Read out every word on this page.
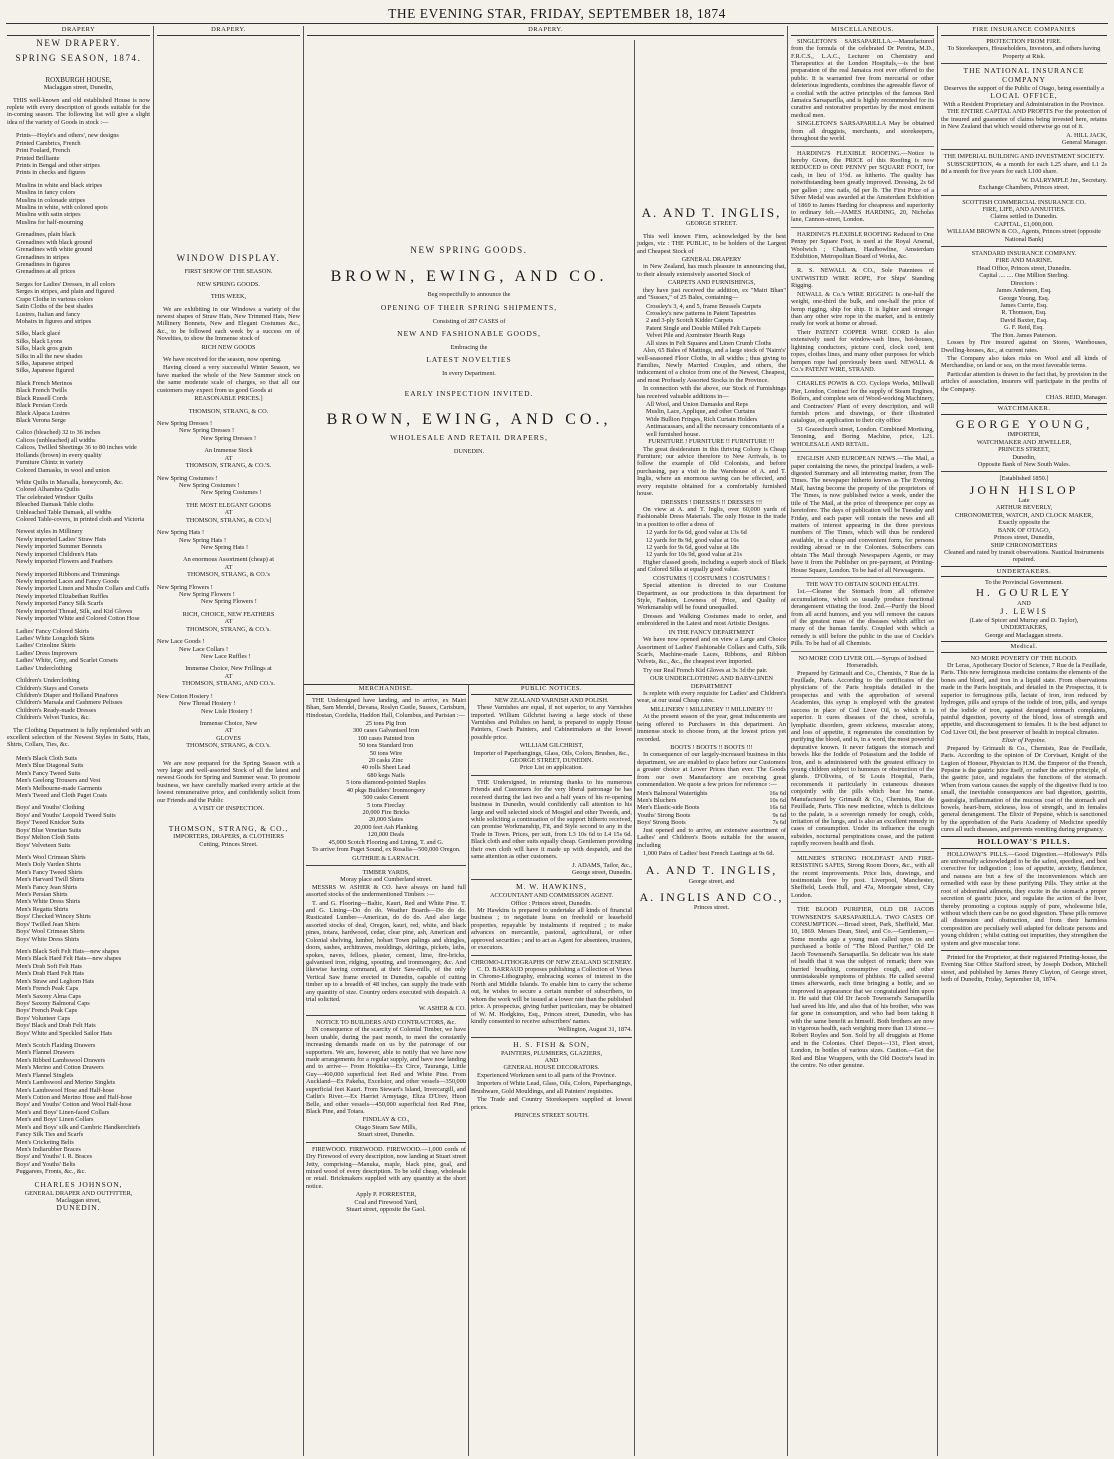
THE EVENING STAR, FRIDAY, SEPTEMBER 18, 1874
DRAPERY
NEW DRAPERY.
SPRING SEASON, 1874.
ROXBURGH HOUSE,
Maclaggan street, Dunedin,

THIS well-known and old established House is now replete with every description of goods suitable for the in-coming season. The following list will give a slight idea of the variety of Goods in stock :—

Prints—Hoyle's and others', new designs
Printed Cambrics, French
Print Foulard, French
Printed Brilliante
Prints in Bengal and other stripes
Prints in checks and figures
Muslins in white and black stripes
Muslins in fancy colors
Muslins in colonade stripes
Muslins in white, with colored spots
Muslins with satin stripes
Muslins for half-mourning
Grenadines, plain black
Grenadines with black ground
Grenadines with white ground
Grenadines in stripes
Grenadines in figures
Grenadines at all prices
Serges for Ladies' Dresses, in all colors
Serges in stripes, and plain and figured
Crape Clothe in various colors
Satin Cloths of the best shades
Lustres, Italian and fancy
Mohairs in figures and stripes
Silks, black glacé
Silks, black Lyons
Silks, black gros grain
Silks in all the new shades
Silks, Japanese striped
Silks, Japanese figured
Black French Merinos
Black French Twills
Black Russell Cords
Black Persian Cords
Black Alpaca Lustres
Black Verona Serge
Calico (bleached) 32 to 36 inches
Calicos (unbleached) all widths
Calicos, Twilled Sheetings 36 to 80 inches wide
Hollands (brown) in every quality
Furniture Chintz in variety
Colored Damasks, in wool and union
White Quilts in Marsalla, honeycomb, &c.
Colored Alhambra Quilts
The celebrated Windsor Quilts
Bleached Damask Table cloths
Unbleached Table Damask, all widths
Colored Table-covers, in printed cloth and Victoria
Newest styles in Millinery
Newly imported Ladies' Straw Hats
Newly imported Summer Bonnets
Newly imported Children's Hats
Newly imported Flowers and Feathers
Newly imported Ribbons and Trimmings
Newly imported Laces and Fancy Goods
Newly imported Linen and Muslin Collars and Cuffs
Newly imported Elizabethan Ruffles
Newly imported Fancy Silk Scarfs
Newly imported Thread, Silk, and Kid Gloves
Newly imported White and Colored Cotton Hose
Ladies' Fancy Colored Skirts
Ladies' White Longcloth Skirts
Ladies' Crinoline Skirts
Ladies' Dress Improvers
Ladies' White, Grey, and Scarlet Corsets
Ladies' Underclothing
Children's Underclothing
Children's Stays and Corsets
Children's Diaper and Holland Pinafores
Children's Marsala and Cashmere Pelisses
Children's Ready-made Dresses
Children's Velvet Tunics, &c.

The Clothing Department is fully replenished with an excellent selection of the Newest Styles in Suits, Hats, Shirts, Collars, Ties, &c.

Men's Black Cloth Suits
Men's Blue Diagonal Suits
Men's Fancy Tweed Suits
Men's Geelong Trousers and Vest
Men's Melbourne-made Garments
Men's Tweed and Cloth Paget Coats
Boys' and Youths' Clothing
Boys' and Youths' Leopold Tweed Suits
Boys' Tweed Knicker Suits
Boys' Blue Venetian Suits
Boys' Melton Cloth Suits
Boys' Velveteen Suits
Men's Wool Crimean Shirts
Men's Doly Varden Shirts
Men's Fancy Tweed Shirts
Men's Harvard Twill Shirts
Men's Fancy Jean Shirts
Men's Persian Shirts
Men's White Dress Shirts
Men's Regatta Shirts
Boys' Checked Wincey Shirts
Boys' Twilled Jean Shirts
Boys' Wool Crimean Shirts
Boys' White Dress Shirts
Men's Black Soft Felt Hats—new shapes
Men's Black Hard Felt Hats—new shapes
Men's Drab Soft Felt Hats
Men's Drab Hard Felt Hats
Men's Straw and Leghorn Hats
Men's French Peak Caps
Men's Saxony Alma Caps
Boys' Saxony Balmoral Caps
Boys' French Peak Caps
Boys' Volunteer Caps
Boys' Black and Drab Felt Hats
Boys' White and Speckled Sailor Hats
Men's Scotch Flaiding Drawers
Men's Flannel Drawers
Men's Ribbed Lambswool Drawers
Men's Merino and Cotton Drawers
Men's Flannel Singlets
Men's Lambswool and Merino Singlets
Men's Lambswool Hose and Half-hose
Men's Cotton and Merino Hose and Half-hose
Boys' and Youths' Cotton and Wool Half-hose
Men's and Boys' Linen-faced Collars
Men's and Boys' Linen Collars
Men's and Boys' silk and Cambric Handkerchiefs
Fancy Silk Ties and Scarfs
Men's Cricketing Belts
Men's Indiarubber Braces
Boys' and Youths' I. R. Braces
Boys' and Youths' Belts
Puggarees, Fronts, &c., &c.
CHARLES JOHNSON,
GENERAL DRAPER AND OUTFITTER,
Maclaggan street,
DUNEDIN.
DRAPERY.
WINDOW DISPLAY.
FIRST SHOW OF THE SEASON.
NEW SPRING GOODS.
THIS WEEK,

We are exhibiting in our Windows a variety of the newest shapes of Straw Hats, New Trimmed Hats, New Millinery Bonnets, New and Elegant Costumes &c., &c., to be followed each week by a success on of Novelties, to show the Immense stock of

RICH NEW GOODS

We have received for the season, now opening.

Having closed a very successful Winter Season, we have marked the whole of the New Summer stock on the same moderate scale of charges, so that all our customers may expect from us good Goods at

REASONABLE PRICES.]
THOMSON, STRANG, & CO.
New Spring Dresses !
New Spring Dresses !
New Spring Dresses !
An Immense Stock
AT
THOMSON, STRANG, & CO.'S.
New Spring Costumes !
New Spring Costumes !
New Spring Costumes !
THE MOST ELEGANT GOODS
AT
THOMSON, STRANG, & CO.'s]
New Spring Hats !
New Spring Hats !
New Spring Hats !
An enormous Assortment (cheap) at
AT
THOMSON, STRANG, & CO.'s
New Spring Flowers !
New Spring Flowers !
New Spring Flowers !
RICH, CHOICE, NEW FEATHERS
AT
THOMSON, STRANG, & CO.'s.
New Lace Goods !
New Lace Collars !
New Lace Ruffles !
Immense Choice, New Frillings at
AT
THOMSON, STRANG, AND CO.'s.
New Cotton Hosiery !
New Thread Hosiery !
New Lisle Hosiery !
Immense Choice, New
AT
GLOVES
THOMSON, STRANG, & CO.'s.

We are now prepared for the Spring Season with a very large and well-assorted Stock of all the latest and newest Goods for Spring and Summer wear. To promote business, we have carefully marked every article at the lowest remunerative price, and confidently solicit from our Friends and the Public

A VISIT OF INSPECTION.
THOMSON, STRANG, & CO.,
IMPORTERS, DRAPERS, & CLOTHIERS
Cutting, Princes Street.
DRAPERY.
NEW SPRING GOODS.
BROWN, EWING, AND CO.
Beg respectfully to announce the
OPENING OF THEIR SPRING SHIPMENTS,
Consisting of 287 CASES of
NEW AND FASHIONABLE GOODS,
Embracing the
LATEST NOVELTIES
In every Department.
EARLY INSPECTION INVITED.
BROWN, EWING, AND CO.,
WHOLESALE AND RETAIL DRAPERS,
DUNEDIN.
A. AND T. INGLIS,
GEORGE STREET.

This well known Firm, acknowledged by the best judges, viz : THE PUBLIC, to be holders of the Largest and Cheapest Stock of

GENERAL DRAPERY

in New Zealand, has much pleasure in announcing that, to their already extensively assorted Stock of

CARPETS AND FURNISHINGS,

they have just received the addition, ex "Mairi Bhan" and "Sussex," of 25 Bales, containing—

Crossley's 3, 4, and 5, frame Brussels Carpets
Crossley's new patterns in Patent Tapestries
2 and 3-ply Scotch Kidder Carpets
Patent Single and Double Milled Felt Carpets
Velvet Pile and Axminster Hearth Rugs
All sizes in Felt Squares and Linen Crumb Cloths

Also, 65 Bales of Mattings, and a large stock of 'Nairn's' well-seasoned Floor Cloths, in all widths ; thus giving to Families, Newly Married Couples, and others, the inducement of a choice from one of the Newest, Cheapest, and most Profusely Assorted Stocks in the Province.

In connection with the above, our Stock of Furnishings has received valuable additions in—

All Wool, and Union Damasks and Reps
Muslin, Lace, Applique, and other Curtains
Wide Bullion Fringes, Rich Curtain Holders
Antimacassars, and all the necessary concomitants of a well furnished house.
FURNITURE ! FURNITURE !! FURNITURE !!!

The great desideratum in this thriving Colony is Cheap Furniture; our advice therefore to New Arrivals, is to follow the example of Old Colonists, and before purchasing, pay a visit to the Warehouse of A. and T. Inglis, where an enormous saving can be effected, and every requisite obtained for a comfortably furnished house.

DRESSES ! DRESSES !! DRESSES !!!

On view at A. and T. Inglis, over 60,000 yards of Fashionable Dress Materials. The only House in the trade in a position to offer a dress of

12 yards for 6s 6d, good value at 13s 6d
12 yards for 8s 9d, good value at 16s
12 yards for 9s 6d, good value at 18s
12 yards for 10s 9d, good value at 21s

Higher classed goods, including a superb stock of Black and Colored Silks at equally good value.

COSTUMES !] COSTUMES ! COSTUMES !

Special attention is directed to our Costume Department, as our productions in this department for Style, Fashion, Lowness of Price, and Quality of Workmanship will be found unequalled.

Dresses and Walking Costumes made to order, and embroidered in the Latest and most Artistic Designs.

IN THE FANCY DEPARTMENT

We have now opened and on view a Large and Choice Assortment of Ladies' Fashionable Collars and Cuffs, Silk Scarfs, Machine-made Laces, Ribbons, and Ribbon Velvets, &c., &c., the cheapest ever imported.

Try our Real French Kid Gloves at 3s 3d the pair.

OUR UNDERCLOTHING AND BABY-LINEN DEPARTMENT

Is replete with every requisite for Ladies' and Children's wear, at our usual Cheap rates.

MILLINERY ! MILLINERY !! MILLINERY !!!

At the present season of the year, great inducements are being offered to Purchasers in this department. An immense stock to choose from, at the lowest prices yet recorded.

BOOTS ! BOOTS !! BOOTS !!!

In consequence of our largely-increased business in this department, we are enabled to place before our Customers a greater choice at Lower Prices than ever. The Goods from our own Manufactory are receiving great commendation. We quote a few prices for reference :—

Men's Balmoral Watertights	16s 6d
Men's Bluchers	10s 6d
Men's Elastic-side Boots	16s 6d
Youths' Strong Boots	9s 6d
Boys' Strong Boots	7s 6d

Just opened and to arrive, an extensive assortment of Ladies' and Children's Boots suitable for the season, including

1,000 Pairs of Ladies' best French Lastings at 9s 6d.

A. AND T. INGLIS,
George street, and
A. INGLIS AND CO.,
Princes street.
MERCHANDISE.

THE Undersigned have landing, and to arrive, ex Mairi Bhan, Sam Mendel, Devana, Roslyn Castle, Sussex, Cartsburn, Hindostan, Cordelia, Haddon Hall, Columbus, and Parisian :—

25 tons Pig Iron
300 cases Galvanised Iron
100 cases Painted Iron
50 tons Standard Iron
50 tons Wire
20 casks Zinc
40 rolls Sheet Lead
680 kegs Nails
5 tons diamond-pointed Staples
40 pkgs Builders' Ironmongery
500 casks Cement
5 tons Fireclay
20,000 Fire Bricks
20,000 Slates
20,000 feet Ash Planking
120,000 Deals
45,000 Scotch Flooring and Lining, T. and G.

To arrive from Puget Sound, ex Rosalia—500,000 Oregon.

GUTHRIE & LARNACH.
TIMBER YARDS,
Moray place and Cumberland street.

MESSRS W. ASHER & CO. have always on hand full assorted stocks of the undermentioned Timbers :—

T. and G. Flooring—Baltic, Kauri, Red and White Pine. T. and G. Lining—Do do do. Weather Boards—Do do do. Rusticated Lumber—American, do do do. And also large assorted stocks of deal, Oregon, kauri, red, white, and black pines, totara, hardwood, cedar, clear pine, ash, American and Colonial shelving, lumber, hobart Town palings and shingles, doors, sashes, architraves, mouldings, skirtings, pickets, laths, spokes, naves, felloes, plaster, cement, lime, fire-bricks, galvanised iron, ridging, spouting, and ironmongery, &c. And likewise having command, at their Saw-mills, of the only Vertical Saw frame erected in Dunedin, capable of cutting timber up to a breadth of 48 inches, can supply the trade with any quantity of size. Country orders executed with despatch. A trial solicited.

W. ASHER & CO.
NOTICE TO BUILDERS AND CONTRACTORS, &c.

IN consequence of the scarcity of Colonial Timber, we have been unable, during the past month, to meet the constantly increasing demands made on us by the patronage of our supporters. We are, however, able to notify that we have now made arrangements for a regular supply, and have now landing and to arrive— From Hokitika—Ex Circe, Tauranga, Little Guy—460,000 superficial feet Red and White Pine. From Auckland—Ex Pakeha, Excelsior, and other vessels—350,000 superficial feet Kauri. From Stewart's Island, Invercargill, and Catlin's River.—Ex Harriet Armytage, Eliza D'Urev, Huon Belle, and other vessels—450,000 superficial feet Red Pine, Black Pine, and Totara.

FINDLAY & CO.,
Otago Steam Saw Mills,
Stuart street, Dunedin.

FIREWOOD. FIREWOOD. FIREWOOD.—1,000 cords of Dry Firewood of every description, now landing at Stuart street Jetty, comprising—Manuka, maple, black pine, goal, and mixed wood of every description. To be sold cheap, wholesale or retail. Brickmakers supplied with any quantity at the short notice.

Apply P. FORRESTER,
Coal and Firewood Yard,
Stuart street, opposite the Gaol.
PUBLIC NOTICES.
NEW ZEALAND VARNISH AND POLISH.

These Varnishes are equal, if not superior, to any Varnishes imported. William Gilchrist having a large stock of these Varnishes and Polishes on hand, is prepared to supply House Painters, Coach Painters, and Cabinetmakers at the lowest possible price.

WILLIAM GILCHRIST,
Importer of Paperhangings, Glass, Oils, Colors, Brushes, &c.,
GEORGE STREET, DUNEDIN.
Price List on application.

THE Undersigned, in returning thanks to his numerous Friends and Customers for the very liberal patronage he has received during the last two and a half years of his re-opening business in Dunedin, would confidently call attention to his large and well selected stock of Mosgiel and other Tweeds, and, while soliciting a continuation of the support hitherto received, can promise Workmanship, Fit, and Style second to any in the Trade in Town. Prices, per suit, from L3 10s 6d to L4 15s 6d. Black cloth and other suits equally cheap. Gentlemen providing their own cloth will have it made up with despatch, and the same attention as other customers.

J. ADAMS, Tailor, &c.,
George street, Dunedin.
M. W. HAWKINS,
ACCOUNTANT AND COMMISSION AGENT.
Office : Princes street, Dunedin.

Mr Hawkins is prepared to undertake all kinds of financial business ; to negotiate loans on freehold or leasehold properties, repayable by instalments if required ; to make advances on mercantile, pastoral, agricultural, or other approved securities ; and to act as Agent for absentees, trustees, or executors.

CHROMO-LITHOGRAPHS OF NEW ZEALAND SCENERY.

C. D. BARRAUD proposes publishing a Collection of Views in Chromo-Lithography, embracing scenes of interest in the North and Middle Islands. To enable him to carry the scheme out, he wishes to secure a certain number of subscribers, to whom the work will be issued at a lower rate than the published price. A prospectus, giving further particulars, may be obtained of W. M. Hodgkins, Esq., Princes street, Dunedin, who has kindly consented to receive subscribers' names.

Wellington, August 31, 1874.
H. S. FISH & SON,
PAINTERS, PLUMBERS, GLAZIERS,
AND
GENERAL HOUSE DECORATORS.

Experienced Workmen sent to all parts of the Province.

Importers of White Lead, Glass, Oils, Colors, Paperhangings, Brushware, Gold Mouldings, and all Painters' requisites.

The Trade and Country Storekeepers supplied at lowest prices.

PRINCES STREET SOUTH.
MISCELLANEOUS.

SINGLETON'S SARSAPARILLA.—Manufactured from the formula of the celebrated Dr Pereira, M.D., F.R.C.S., L.A.C., Lecturer on Chemistry and Therapeutics at the London Hospitals,—is the best preparation of the real Jamaica root ever offered to the public. It is warranted free from mercurial or other deleterious ingredients, combines the agreeable flavor of a cordial with the active principles of the famous Red Jamaica Sarsaparilla, and is highly recommended for its curative and restorative properties by the most eminent medical men.

SINGLETON'S SARSAPARILLA May be obtained from all druggists, merchants, and storekeepers, throughout the world.

HARDING'S FLEXIBLE ROOFING.—Notice is hereby Given, the PRICE of this Roofing is now REDUCED to ONE PENNY per SQUARE FOOT, for cash, in lieu of 1½d. as hitherto. The quality has notwithstanding been greatly improved. Dressing, 2s 6d per gallon ; zinc nails, 6d per lb. The First Prize of a Silver Medal was awarded at the Amsterdam Exhibition of 1869 to James Harding for cheapness and superiority to ordinary felt.—JAMES HARDING, 20, Nicholas lane, Cannon-street, London.

HARDING'S FLEXIBLE ROOFING Reduced to One Penny per Square Foot, is used at the Royal Arsenal, Woolwich ; Chatham, Haulbowline, Amsterdam Exhibition, Metropolitan Board of Works, &c.

R. S. NEWALL & CO., Sole Patentees of UNTWISTED WIRE ROPE, For Ships' Standing Rigging.

NEWALL & Co.'s WIRE RIGGING Is one-half the weight, one-third the bulk, and one-half the price of hemp rigging, ship for ship. It is lighter and stronger than any other wire rope in the market, and is entirely ready for work at home or abroad.

Their PATENT COPPER WIRE CORD Is also extensively used for window-sash lines, hot-houses, lightning conductors, picture cord, clock cord, tent ropes, clothes lines, and many other purposes for which hempen rope had previously been used. NEWALL & Co.'s PATENT WIRE, STRAND.

CHARLES POWIS & CO. Cyclops Works, Millwall Pier, London, Contract for the supply of Steam Engines, Boilers, and complete sets of Wood-working Machinery, and Contractors' Plant of every description, and will furnish prices and drawings, or their illustrated catalogue, on application to their city office

51 Gracechurch street, London. Combined Mortising, Tenoning, and Boring Machine, price, L21. WHOLESALE AND RETAIL.

ENGLISH AND EUROPEAN NEWS.—The Mail, a paper containing the news, the principal leaders, a well-digested Summary and all interesting matter, from The Times. The newspaper hitherto known as The Evening Mail, having become the property of the proprietors of The Times, is now published twice a week, under the title of The Mail, at the price of threepence per copy as heretofore. The days of publication will be Tuesday and Friday, and each paper will contain the news and all matters of interest appearing in the three previous numbers of The Times, which will thus be rendered available, in a cheap and convenient form, for persons residing abroad or in the Colonies. Subscribers can obtain The Mail through Newspapers Agents, or may have it from the Publisher on pre-payment, at Printing-House Square, London. To be had of all Newsagents.

THE WAY TO OBTAIN SOUND HEALTH.

1st.—Cleanse the Stomach from all offensive accumulations, which so usually produce functional derangement vitiating the food. 2nd.—Purify the blood from all acrid humors, and you will remove the causes of the greatest mass of the diseases which afflict so many of the human family. Coupled with which a remedy is still before the public in the use of Cockle's Pills. To be had of all Chemists.

NO MORE COD LIVER OIL.—Syrups of Iodised Horseradish.

Prepared by Grimault and Co., Chemists, 7 Rue de la Feuillade, Paris. According to the certificates of the physicians of the Paris hospitals detailed in the prospectus and with the approbation of several Academies, this syrup is employed with the greatest success in place of Cod Liver Oil, to which it is superior. It cures diseases of the chest, scrofula, lymphatic disorders, green sickness, muscular atony, and loss of appetite, it regenerates the constitution by purifying the blood, and is, in a word, the most powerful depurative known. It never fatigues the stomach and bowels like the Iodide of Potassium and the Iodide of Iron, and is administered with the greatest efficacy to young children subject to humours or obstruction of the glands. D'Oliveira, of St Louis Hospital, Paris, recommends it particularly in cutaneous diseases conjointly with the pills which bear his name. Manufactured by Grimault & Co., Chemists, Rue de Feuillade, Paris. This new medicine, which is delicious to the palate, is a sovereign remedy for cough, colds, irritation of the lungs, and is also an excellent remedy in cases of consumption. Under its influence the cough subsides, nocturnal perspirations cease, and the patient rapidly recovers health and flesh.

MILNER'S STRONG HOLDFAST AND FIRE-RESISTING SAFES, Strong Room Doors, &c., with all the recent improvements. Price lists, drawings, and testimonials free by post. Liverpool, Manchester, Sheffield, Leeds Hull, and 47a, Moorgate street, City London.

THE BLOOD PURIFIER, OLD DR JACOB TOWNSEND'S SARSAPARILLA. TWO CASES OF CONSUMPTION.—Broad street, Park, Sheffield, Mar. 10, 1869. Messrs Dean, Steel, and Co.—Gentlemen,—Some months ago a young man called upon us and purchased a bottle of "The Blood Purifier," Old Dr Jacob Townsend's Sarsaparilla. So delicate was his state of health that it was the subject of remark; there was hurried breathing, consumptive cough, and other unmistakeable symptoms of phthisis. He called several times afterwards, each time bringing a bottle, and so improved in appearance that we congratulated him upon it. He said that Old Dr Jacob Townsend's Sarsaparilla had saved his life, and also that of his brother, who was far gone in consumption, and who had been taking it with the same benefit as himself. Both brothers are now in vigorous health, each weighing more than 13 stone.—Robert Royles and Son. Sold by all druggists at Home and in the Colonies. Chief Depot—131, Fleet street, London, in bottles of various sizes. Caution.—Get the Red and Blue Wrappers, with the Old Doctor's head in the centre. No other genuine.

FIRE INSURANCE COMPANIES
PROTECTION FROM FIRE.
To Storekeepers, Householders, Investors, and others having Property at Risk.
THE NATIONAL INSURANCE COMPANY
Deserves the support of the Public of Otago, being essentially a
LOCAL OFFICE,
With a Resident Proprietary and Administration in the Province.

THE ENTIRE CAPITAL AND PROFITS For the protection of the insured and guarantee of claims being invested here, retains in New Zealand that which would otherwise go out of it.

A. HILL JACK,
General Manager.
THE IMPERIAL BUILDING AND INVESTMENT SOCIETY.

SUBSCRIPTION, 4s a month for each L25 share, and L1 2s 8d a month for five years for each L100 share.

W. DALRYMPLE Jnr., Secretary.
Exchange Chambers, Princes street.
SCOTTISH COMMERCIAL INSURANCE CO.
FIRE, LIFE, AND ANNUITIES.
Claims settled in Dunedin.
CAPITAL, £1,000,000.
WILLIAM BROWN & CO., Agents, Princes street (opposite National Bank)
STANDARD INSURANCE COMPANY.
FIRE AND MARINE.
Head Office, Princes street, Dunedin.
Capital .... .... One Million Sterling.
Directors :
James Anderson, Esq.
George Young, Esq.
James Currie, Esq.
R. Thomson, Esq.
David Baxter, Esq.
G. F. Reid, Esq.
The Hon. James Paterson.

Losses by Fire insured against on Stores, Warehouses, Dwelling-houses, &c., at current rates.

The Company also takes risks on Wool and all kinds of Merchandise, on land or sea, on the most favorable terms.

Particular attention is drawn to the fact that, by provision in the articles of association, insurers will participate in the profits of the Company.

CHAS. REID, Manager.
WATCHMAKER.
GEORGE YOUNG,
IMPORTER,
WATCHMAKER AND JEWELLER,
PRINCES STREET,
Dunedin,
Opposite Bank of New South Wales.
[Established 1850.]
JOHN HISLOP
Late
ARTHUR BEVERLY,
CHRONOMETER, WATCH, AND CLOCK MAKER,
Exactly opposite the
BANK OF OTAGO,
Princes street, Dunedin,
SHIP CHRONOMETERS
Cleaned and rated by transit observations. Nautical Instruments repaired.
UNDERTAKERS.
To the Provincial Government.
H. GOURLEY
AND
J. LEWIS
(Late of Spicer and Murray and D. Taylor),
UNDERTAKERS,
George and Maclaggan streets.
Medical.
NO MORE POVERTY OF THE BLOOD.

Dr Leras, Apothecary Doctor of Science, 7 Rue de la Feuillade, Paris. This new ferruginous medicine contains the elements of the bones and blood, and iron in a liquid state. From observations made in the Paris hospitals, and detailed in the Prospectus, it is superior to ferruginous pills, lactate of iron, iron reduced by hydrogen, pills and syrups of the iodide of iron, pills, and syrups of the iodide of iron, against deranged stomach complaints, painful digestion, poverty of the blood, loss of strength and appetite, and discouragement to females. It is the best adjunct to Cod Liver Oil, the best preserver of health in tropical climates.

Elixir of Pepsine.

Prepared by Grimault & Co., Chemists, Rue de Feuillade, Paris. According to the opinion of Dr Corvisart, Knight of the Legion of Honour, Physician to H.M. the Emperor of the French, Pepsine is the gastric juice itself, or rather the active principle, of the gastric juice, and regulates the functions of the stomach. When from various causes the supply of the digestive fluid is too small, the inevitable consequences are bad digestion, gastritis, gastralgia, inflammation of the mucous coat of the stomach and bowels, heart-burn, sickness, loss of strength, and in females general derangement. The Elixir of Pepsine, which is sanctioned by the approbation of the Paris Academy of Medicine speedily cures all such diseases, and prevents vomiting during pregnancy.

HOLLOWAY'S PILLS.

HOLLOWAY'S PILLS.—Good Digestion.—Holloway's Pills are universally acknowledged to be the safest, speediest, and best corrective for indigestion ; loss of appetite, anxiety, flatulence, and nausea are but a few of the inconveniences which are remedied with ease by these purifying Pills. They strike at the root of abdominal ailments, they excite in the stomach a proper secretion of gastric juice, and regulate the action of the liver, thereby promoting a copious supply of pure, wholesome bile, without which there can be no good digestion. These pills remove all distension and obstruction, and from their harmless composition are peculiarly well adapted for delicate persons and young children ; whilst cutting out impurities, they strengthen the system and give muscular tone.

Printed for the Proprietor, at their registered Printing-house, the Evening Star Office Stafford street, by Joseph Dodson, Mitchell street, and published by James Henry Clayton, of George street, both of Dunedin, Friday, September 18, 1874.
